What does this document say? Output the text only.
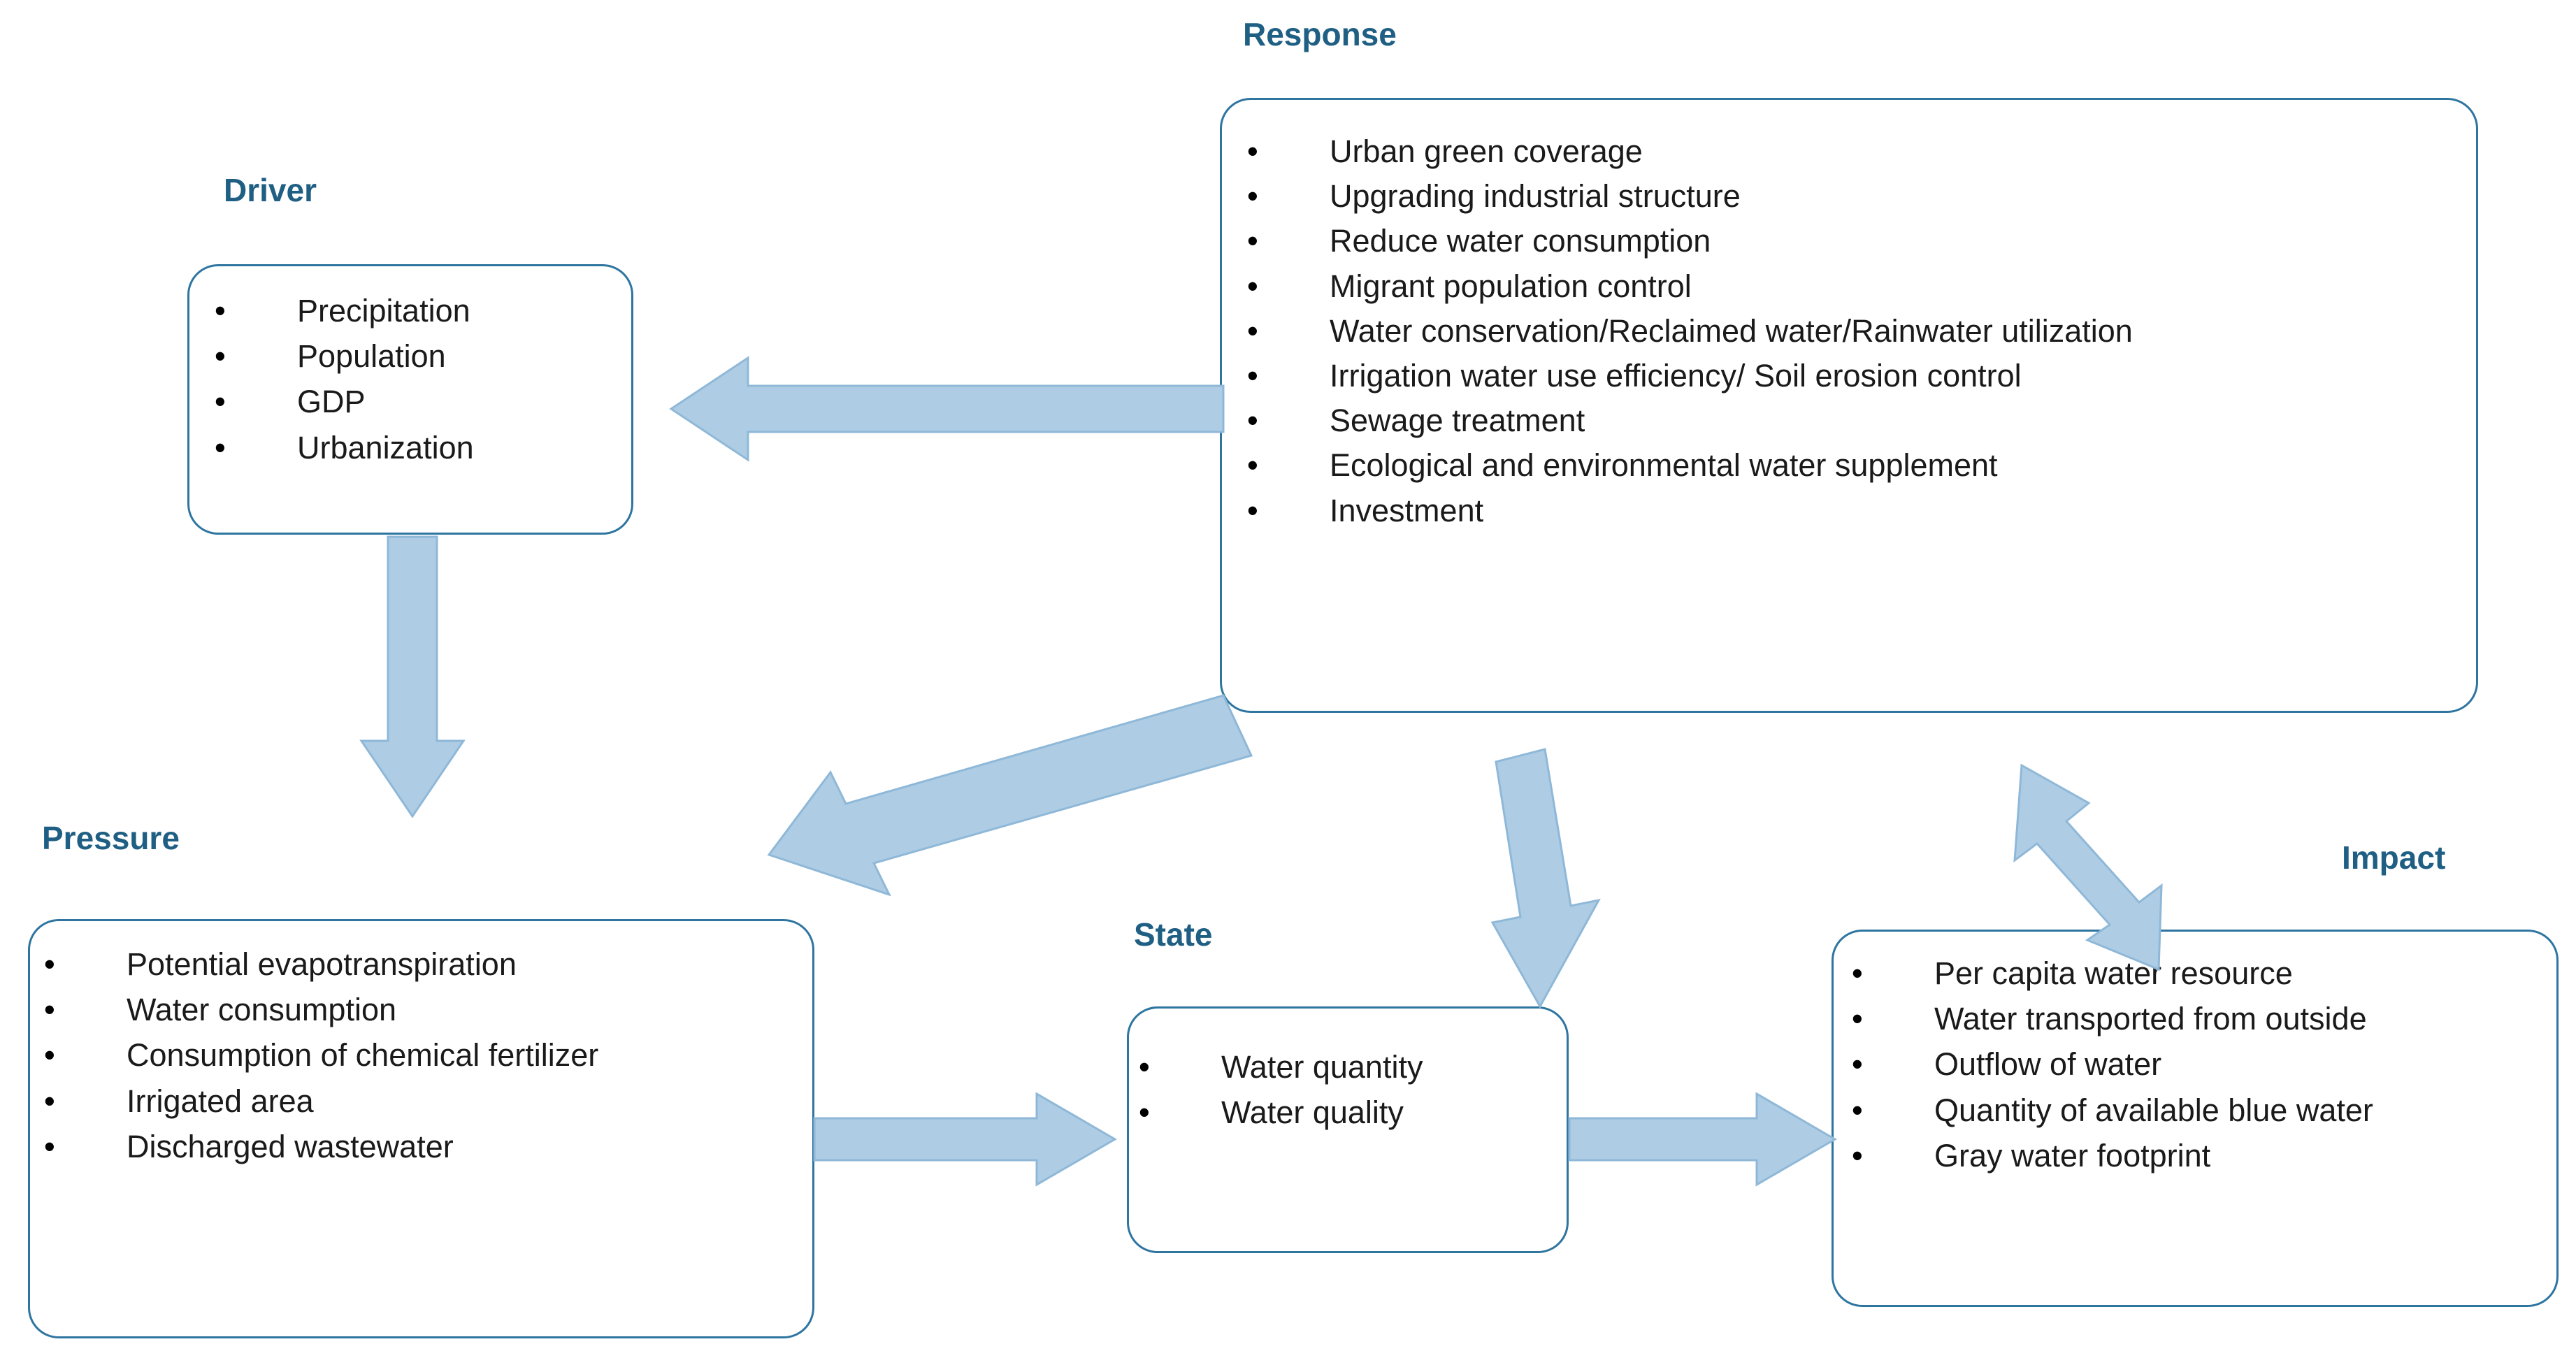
Driver
Response
Pressure
State
Impact
•	Precipitation
•	Population
•	GDP
•	Urbanization
•	Urban green coverage
•	Upgrading industrial structure
•	Reduce water consumption
•	Migrant population control
•	Water conservation/Reclaimed water/Rainwater utilization
•	Irrigation water use efficiency/ Soil erosion control
•	Sewage treatment
•	Ecological and environmental water supplement
•	Investment
•	Potential evapotranspiration
•	Water consumption
•	Consumption of chemical fertilizer
•	Irrigated area
•	Discharged wastewater
•	Water quantity
•	Water quality
•	Per capita water resource
•	Water transported from outside
•	Outflow of water
•	Quantity of available blue water
•	Gray water footprint
